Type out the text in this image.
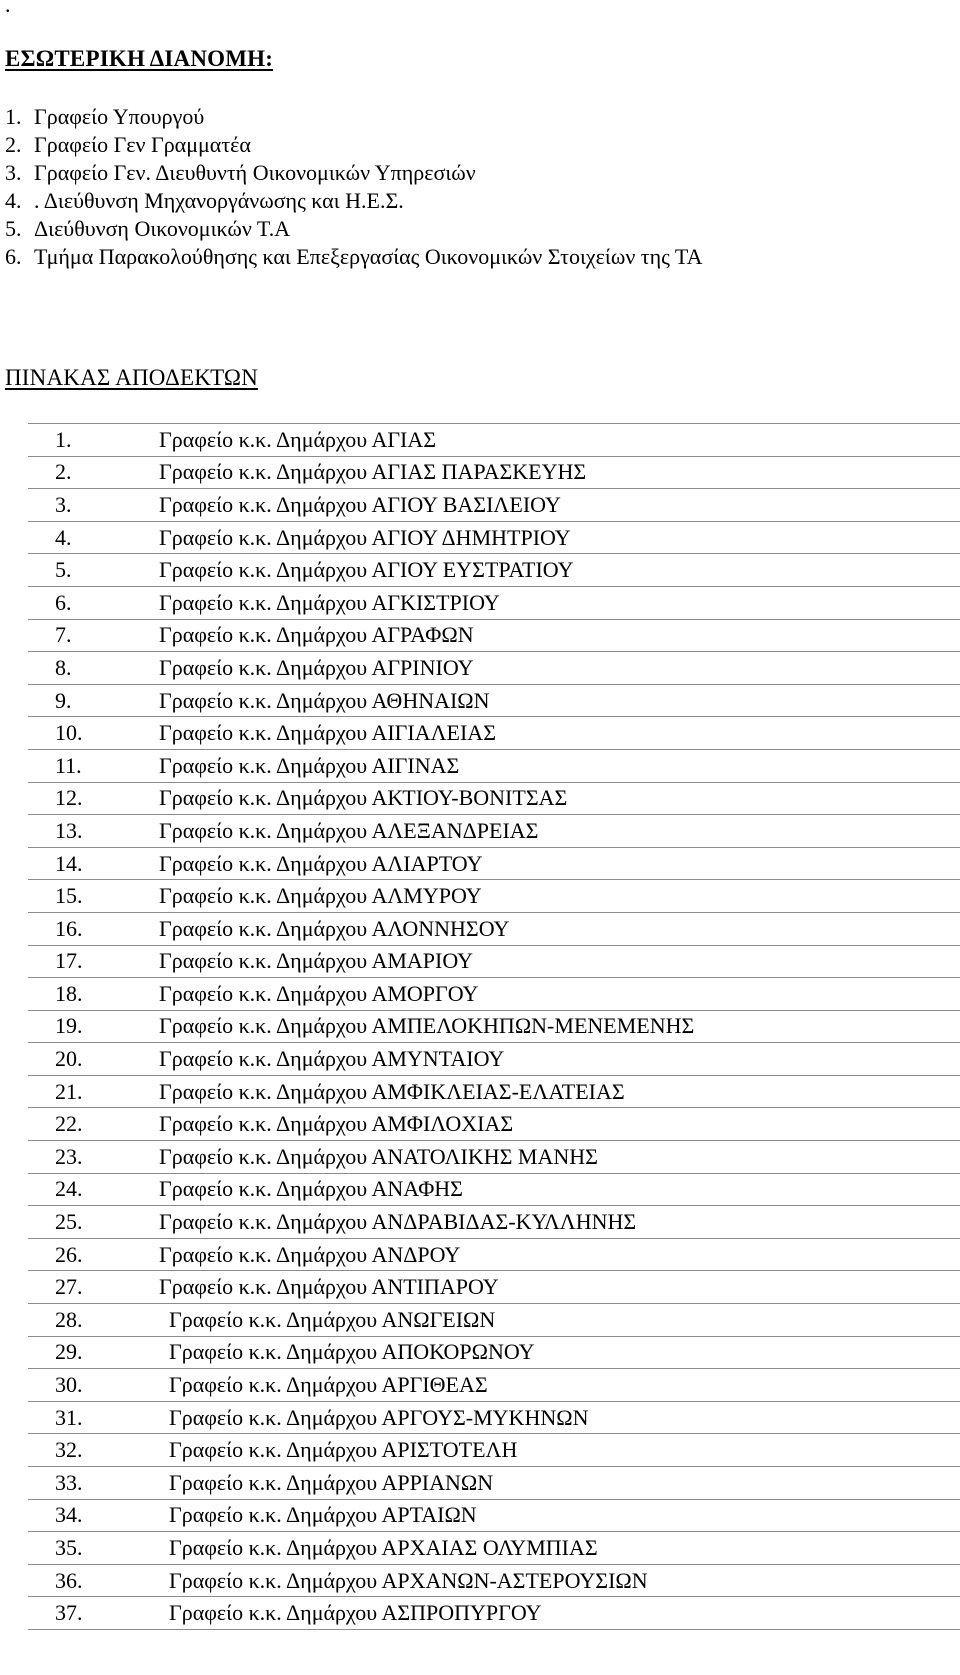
.
ΕΣΩΤΕΡΙΚΗ ΔΙΑΝΟΜΗ:
1. Γραφείο Υπουργού
2. Γραφείο Γεν Γραμματέα
3. Γραφείο Γεν. Διευθυντή Οικονομικών Υπηρεσιών
4. . Διεύθυνση Μηχανοργάνωσης και Η.Ε.Σ.
5. Διεύθυνση Οικονομικών Τ.Α
6. Τμήμα Παρακολούθησης και Επεξεργασίας Οικονομικών Στοιχείων της ΤΑ
ΠΙΝΑΚΑΣ ΑΠΟΔΕΚΤΩΝ
1.	Γραφείο κ.κ. Δημάρχου ΑΓΙΑΣ
2.	Γραφείο κ.κ. Δημάρχου ΑΓΙΑΣ ΠΑΡΑΣΚΕΥΗΣ
3.	Γραφείο κ.κ. Δημάρχου ΑΓΙΟΥ ΒΑΣΙΛΕΙΟΥ
4.	Γραφείο κ.κ. Δημάρχου ΑΓΙΟΥ ΔΗΜΗΤΡΙΟΥ
5.	Γραφείο κ.κ. Δημάρχου ΑΓΙΟΥ ΕΥΣΤΡΑΤΙΟΥ
6.	Γραφείο κ.κ. Δημάρχου ΑΓΚΙΣΤΡΙΟΥ
7.	Γραφείο κ.κ. Δημάρχου ΑΓΡΑΦΩΝ
8.	Γραφείο κ.κ. Δημάρχου ΑΓΡΙΝΙΟΥ
9.	Γραφείο κ.κ. Δημάρχου ΑΘΗΝΑΙΩΝ
10.	Γραφείο κ.κ. Δημάρχου ΑΙΓΙΑΛΕΙΑΣ
11.	Γραφείο κ.κ. Δημάρχου ΑΙΓΙΝΑΣ
12.	Γραφείο κ.κ. Δημάρχου ΑΚΤΙΟΥ-ΒΟΝΙΤΣΑΣ
13.	Γραφείο κ.κ. Δημάρχου ΑΛΕΞΑΝΔΡΕΙΑΣ
14.	Γραφείο κ.κ. Δημάρχου ΑΛΙΑΡΤΟΥ
15.	Γραφείο κ.κ. Δημάρχου ΑΛΜΥΡΟΥ
16.	Γραφείο κ.κ. Δημάρχου ΑΛΟΝΝΗΣΟΥ
17.	Γραφείο κ.κ. Δημάρχου ΑΜΑΡΙΟΥ
18.	Γραφείο κ.κ. Δημάρχου ΑΜΟΡΓΟΥ
19.	Γραφείο κ.κ. Δημάρχου ΑΜΠΕΛΟΚΗΠΩΝ-ΜΕΝΕΜΕΝΗΣ
20.	Γραφείο κ.κ. Δημάρχου ΑΜΥΝΤΑΙΟΥ
21.	Γραφείο κ.κ. Δημάρχου ΑΜΦΙΚΛΕΙΑΣ-ΕΛΑΤΕΙΑΣ
22.	Γραφείο κ.κ. Δημάρχου ΑΜΦΙΛΟΧΙΑΣ
23.	Γραφείο κ.κ. Δημάρχου ΑΝΑΤΟΛΙΚΗΣ ΜΑΝΗΣ
24.	Γραφείο κ.κ. Δημάρχου ΑΝΑΦΗΣ
25.	Γραφείο κ.κ. Δημάρχου ΑΝΔΡΑΒΙΔΑΣ-ΚΥΛΛΗΝΗΣ
26.	Γραφείο κ.κ. Δημάρχου ΑΝΔΡΟΥ
27.	Γραφείο κ.κ. Δημάρχου ΑΝΤΙΠΑΡΟΥ
28.	Γραφείο κ.κ. Δημάρχου ΑΝΩΓΕΙΩΝ
29.	Γραφείο κ.κ. Δημάρχου ΑΠΟΚΟΡΩΝΟΥ
30.	Γραφείο κ.κ. Δημάρχου ΑΡΓΙΘΕΑΣ
31.	Γραφείο κ.κ. Δημάρχου ΑΡΓΟΥΣ-ΜΥΚΗΝΩΝ
32.	Γραφείο κ.κ. Δημάρχου ΑΡΙΣΤΟΤΕΛΗ
33.	Γραφείο κ.κ. Δημάρχου ΑΡΡΙΑΝΩΝ
34.	Γραφείο κ.κ. Δημάρχου ΑΡΤΑΙΩΝ
35.	Γραφείο κ.κ. Δημάρχου ΑΡΧΑΙΑΣ ΟΛΥΜΠΙΑΣ
36.	Γραφείο κ.κ. Δημάρχου ΑΡΧΑΝΩΝ-ΑΣΤΕΡΟΥΣΙΩΝ
37.	Γραφείο κ.κ. Δημάρχου ΑΣΠΡΟΠΥΡΓΟΥ
